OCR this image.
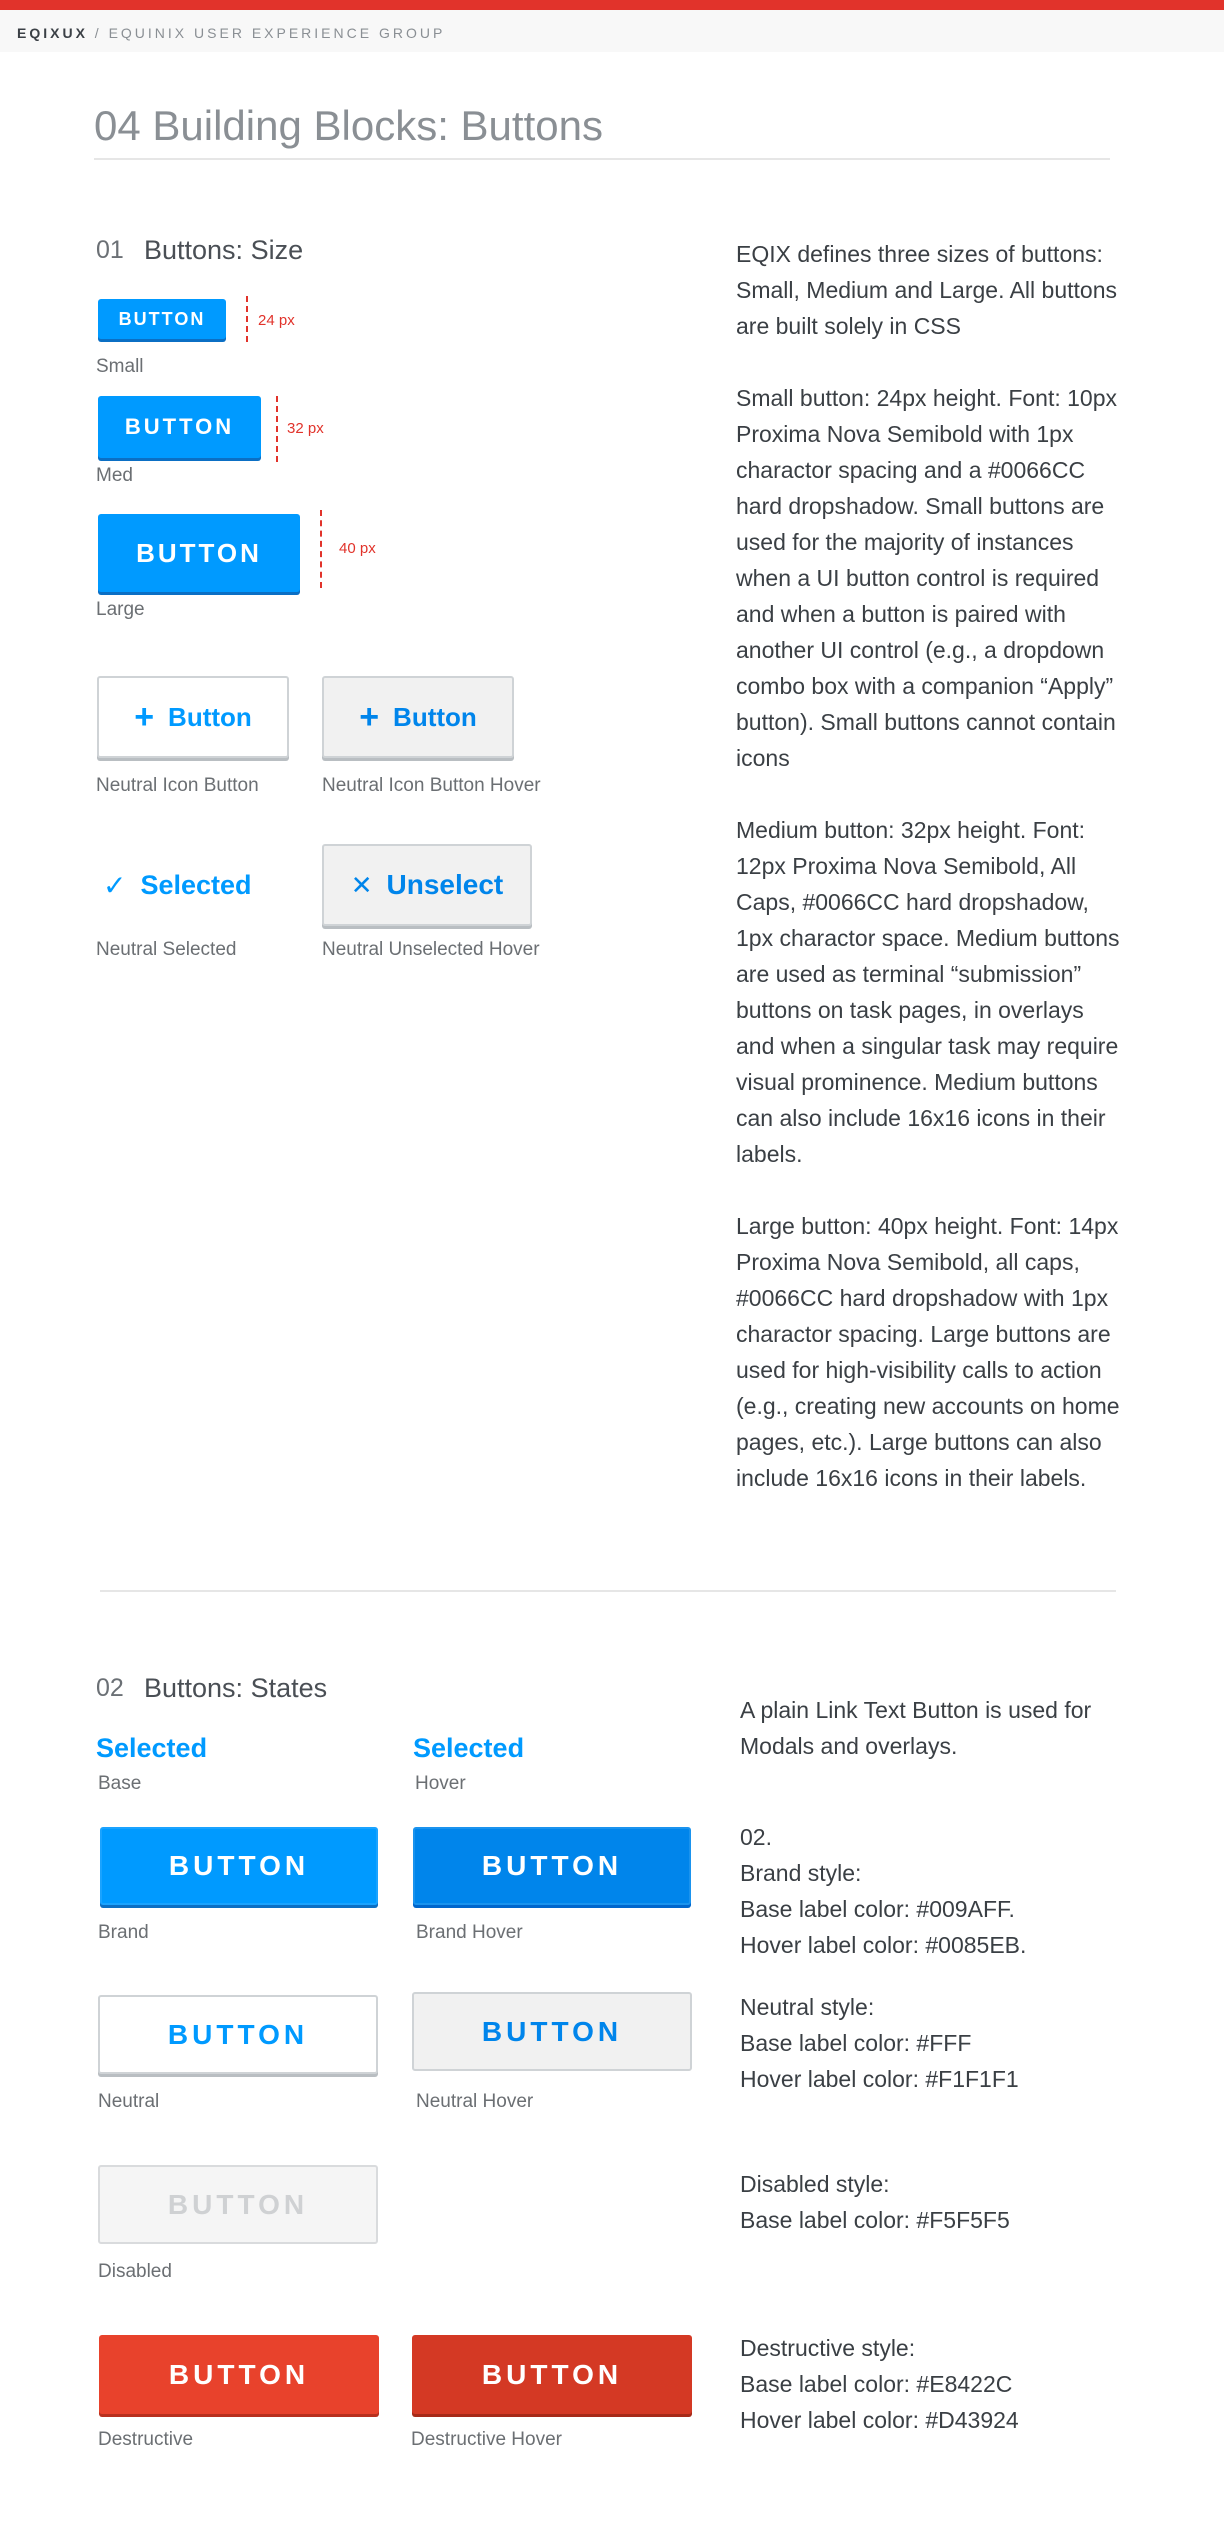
EQIXUX / EQUINIX USER EXPERIENCE GROUP
04 Building Blocks: Buttons
01 Buttons: Size
BUTTON	24 px
Small
BUTTON	32 px
Med
BUTTON	40 px
Large
+ Button
Neutral Icon Button
+ Button
Neutral Icon Button Hover
✓ Selected
Neutral Selected
✕ Unselect
Neutral Unselected Hover
EQIX defines three sizes of buttons:
Small, Medium and Large. All buttons
are built solely in CSS
Small button: 24px height. Font: 10px
Proxima Nova Semibold with 1px
charactor spacing and a #0066CC
hard dropshadow. Small buttons are
used for the majority of instances
when a UI button control is required
and when a button is paired with
another UI control (e.g., a dropdown
combo box with a companion “Apply”
button). Small buttons cannot contain
icons
Medium button: 32px height. Font:
12px Proxima Nova Semibold, All
Caps, #0066CC hard dropshadow,
1px charactor space. Medium buttons
are used as terminal “submission”
buttons on task pages, in overlays
and when a singular task may require
visual prominence. Medium buttons
can also include 16x16 icons in their
labels.
Large button: 40px height. Font: 14px
Proxima Nova Semibold, all caps,
#0066CC hard dropshadow with 1px
charactor spacing. Large buttons are
used for high-visibility calls to action
(e.g., creating new accounts on home
pages, etc.). Large buttons can also
include 16x16 icons in their labels.
02 Buttons: States
Selected
Base
Selected
Hover
BUTTON
Brand
BUTTON
Brand Hover
BUTTON
Neutral
BUTTON
Neutral Hover
BUTTON
Disabled
BUTTON
Destructive
BUTTON
Destructive Hover
A plain Link Text Button is used for
Modals and overlays.
02.
Brand style:
Base label color: #009AFF.
Hover label color: #0085EB.
Neutral style:
Base label color: #FFF
Hover label color: #F1F1F1
Disabled style:
Base label color: #F5F5F5
Destructive style:
Base label color: #E8422C
Hover label color: #D43924
